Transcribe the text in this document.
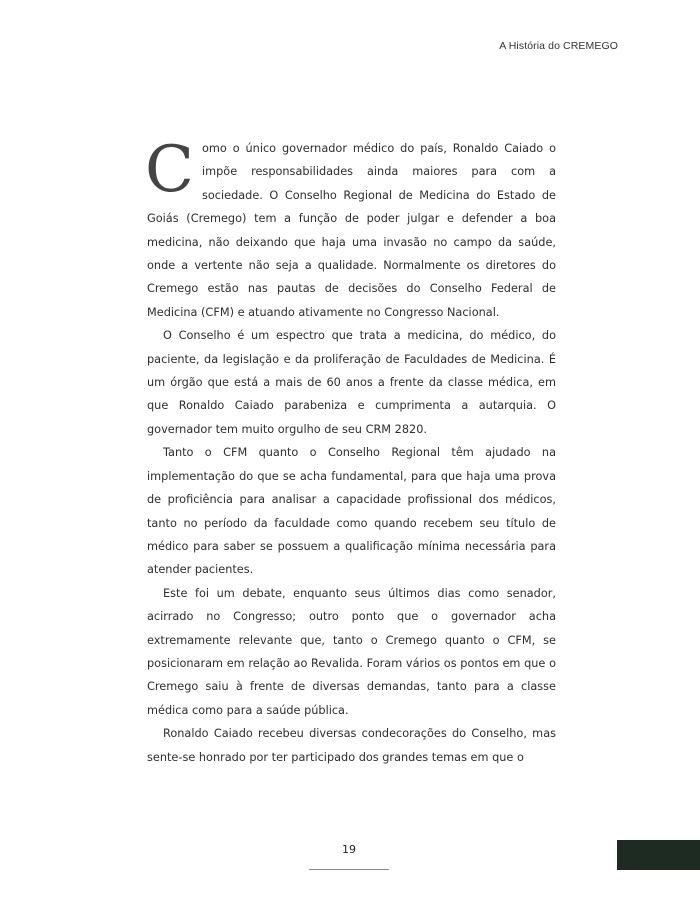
A História do CREMEGO

Como o único governador médico do país, Ronaldo Caiado o impõe responsabilidades ainda maiores para com a sociedade. O Conselho Regional de Medicina do Estado de Goiás (Cremego) tem a função de poder julgar e defender a boa medicina, não deixando que haja uma invasão no campo da saúde, onde a vertente não seja a qualidade. Normalmente os diretores do Cremego estão nas pautas de decisões do Conselho Federal de Medicina (CFM) e atuando ativamente no Congresso Nacional.

O Conselho é um espectro que trata a medicina, do médico, do paciente, da legislação e da proliferação de Faculdades de Medicina. É um órgão que está a mais de 60 anos a frente da classe médica, em que Ronaldo Caiado parabeniza e cumprimenta a autarquia. O governador tem muito orgulho de seu CRM 2820.

Tanto o CFM quanto o Conselho Regional têm ajudado na implementação do que se acha fundamental, para que haja uma prova de proficiência para analisar a capacidade profissional dos médicos, tanto no período da faculdade como quando recebem seu título de médico para saber se possuem a qualificação mínima necessária para atender pacientes.

Este foi um debate, enquanto seus últimos dias como senador, acirrado no Congresso; outro ponto que o governador acha extremamente relevante que, tanto o Cremego quanto o CFM, se posicionaram em relação ao Revalida. Foram vários os pontos em que o Cremego saiu à frente de diversas demandas, tanto para a classe médica como para a saúde pública.

Ronaldo Caiado recebeu diversas condecorações do Conselho, mas sente-se honrado por ter participado dos grandes temas em que o

19
